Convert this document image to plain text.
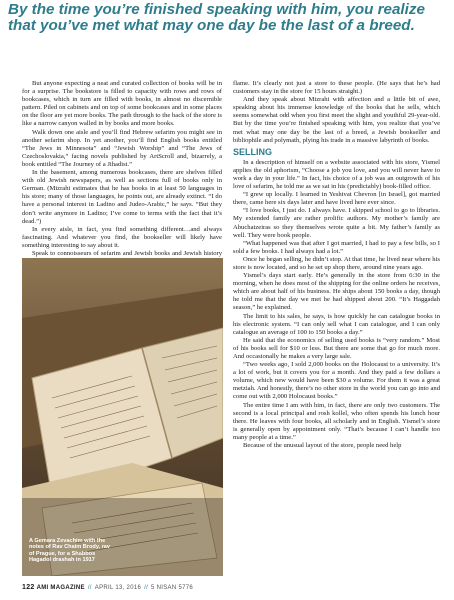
By the time you’re finished speaking with him, you realize that you’ve met what may one day be the last of a breed.

But anyone expecting a neat and curated collection of books will be in for a surprise. The bookstore is filled to capacity with rows and rows of bookcases, which in turn are filled with books, in almost no discernible pattern. Piled on cabinets and on top of some bookcases and in some places on the floor are yet more books. The path through to the back of the store is like a narrow canyon walled in by books and more books.

Walk down one aisle and you’ll find Hebrew sefarim you might see in another sefarim shop. In yet another, you’ll find English books entitled “The Jews in Minnesota” and “Jewish Worship” and “The Jews of Czechoslovakia,” facing novels published by ArtScroll and, bizarrely, a book entitled “The Journey of a Jihadist.”

In the basement, among numerous bookcases, there are shelves filled with old Jewish newspapers, as well as sections full of books only in German. (Mizrahi estimates that he has books in at least 50 languages in his store; many of those languages, he points out, are already extinct. “I do have a personal interest in Ladino and Judeo-Arabic,” he says. “But they don’t write anymore in Ladino; I’ve come to terms with the fact that it’s dead.”)

In every aisle, in fact, you find something different…and always fascinating. And whatever you find, the bookseller will likely have something interesting to say about it.

Speak to connoisseurs of sefarim and Jewish books and Jewish history

A Gemara Zevachim with the notes of Rav Chaim Brody, rav of Prague, for a Shabbos Hagadol drashah in 1917

flame. It’s clearly not just a store to these people. (He says that he’s had customers stay in the store for 15 hours straight.)

And they speak about Mizrahi with affection and a little bit of awe, speaking about his immense knowledge of the books that he sells, which seems somewhat odd when you first meet the slight and youthful 29-year-old. But by the time you’re finished speaking with him, you realize that you’ve met what may one day be the last of a breed, a Jewish bookseller and bibliophile and polymath, plying his trade in a massive labyrinth of books.

SELLING

In a description of himself on a website associated with his store, Yismel applies the old aphorism, “Choose a job you love, and you will never have to work a day in your life.” In fact, his choice of a job was an outgrowth of his love of sefarim, he told me as we sat in his (predictably) book-filled office.

“I grew up locally. I learned in Yeshivat Chevron [in Israel], got married there, came here six days later and have lived here ever since.

“I love books, I just do. I always have. I skipped school to go to libraries. My extended family are rather prolific authors. My mother’s family are Abuchatzeiras so they themselves wrote quite a bit. My father’s family as well. They were book people.

“What happened was that after I got married, I had to pay a few bills, so I sold a few books. I had always had a lot.”

Once he began selling, he didn’t stop. At that time, he lived near where his store is now located, and so he set up shop there, around nine years ago.

Yismel’s days start early. He’s generally in the store from 6:30 in the morning, when he does most of the shipping for the online orders he receives, which are about half of his business. He ships about 150 books a day, though he told me that the day we met he had shipped about 200. “It’s Haggadah season,” he explained.

The limit to his sales, he says, is how quickly he can catalogue books in his electronic system. “I can only sell what I can catalogue, and I can only catalogue an average of 100 to 150 books a day.”

He said that the economics of selling used books is “very random.” Most of his books sell for $10 or less. But there are some that go for much more. And occasionally he makes a very large sale.

“Two weeks ago, I sold 2,000 books on the Holocaust to a university. It’s a lot of work, but it covers you for a month. And they paid a few dollars a volume, which new would have been $30 a volume. For them it was a great metziah. And honestly, there’s no other store in the world you can go into and come out with 2,000 Holocaust books.”

The entire time I am with him, in fact, there are only two customers. The second is a local principal and rosh kollel, who often spends his lunch hour there. He leaves with four books, all scholarly and in English. Yismel’s store is generally open by appointment only. “That’s because I can’t handle too many people at a time.”

Because of the unusual layout of the store, people need help

122 AMI MAGAZINE // APRIL 13, 2016 // 5 NISAN 5776
